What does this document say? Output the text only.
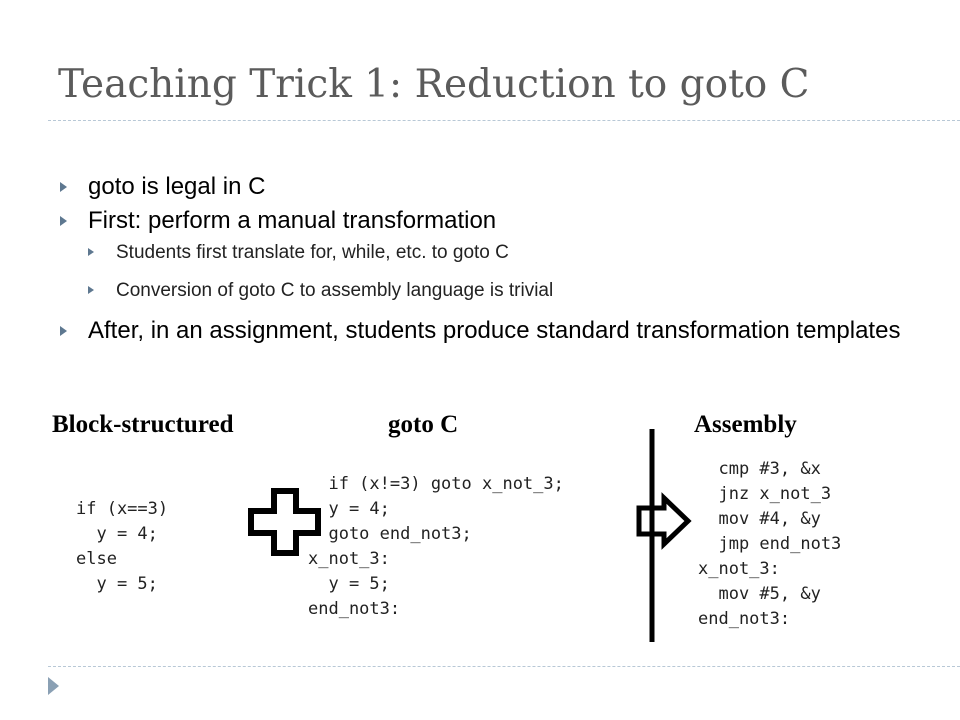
Teaching Trick 1: Reduction to goto C
goto is legal in C
First: perform a manual transformation
Students first translate for, while, etc. to goto C
Conversion of goto C to assembly language is trivial
After, in an assignment, students produce standard transformation templates
Block-structured	goto C	Assembly
if (x==3)
y = 4;
else
y = 5;
if (x!=3) goto x_not_3;
y = 4;
goto end_not3;
x_not_3:
y = 5;
end_not3:
cmp #3, &x
jnz x_not_3
mov #4, &y
jmp end_not3
x_not_3:
mov #5, &y
end_not3:
